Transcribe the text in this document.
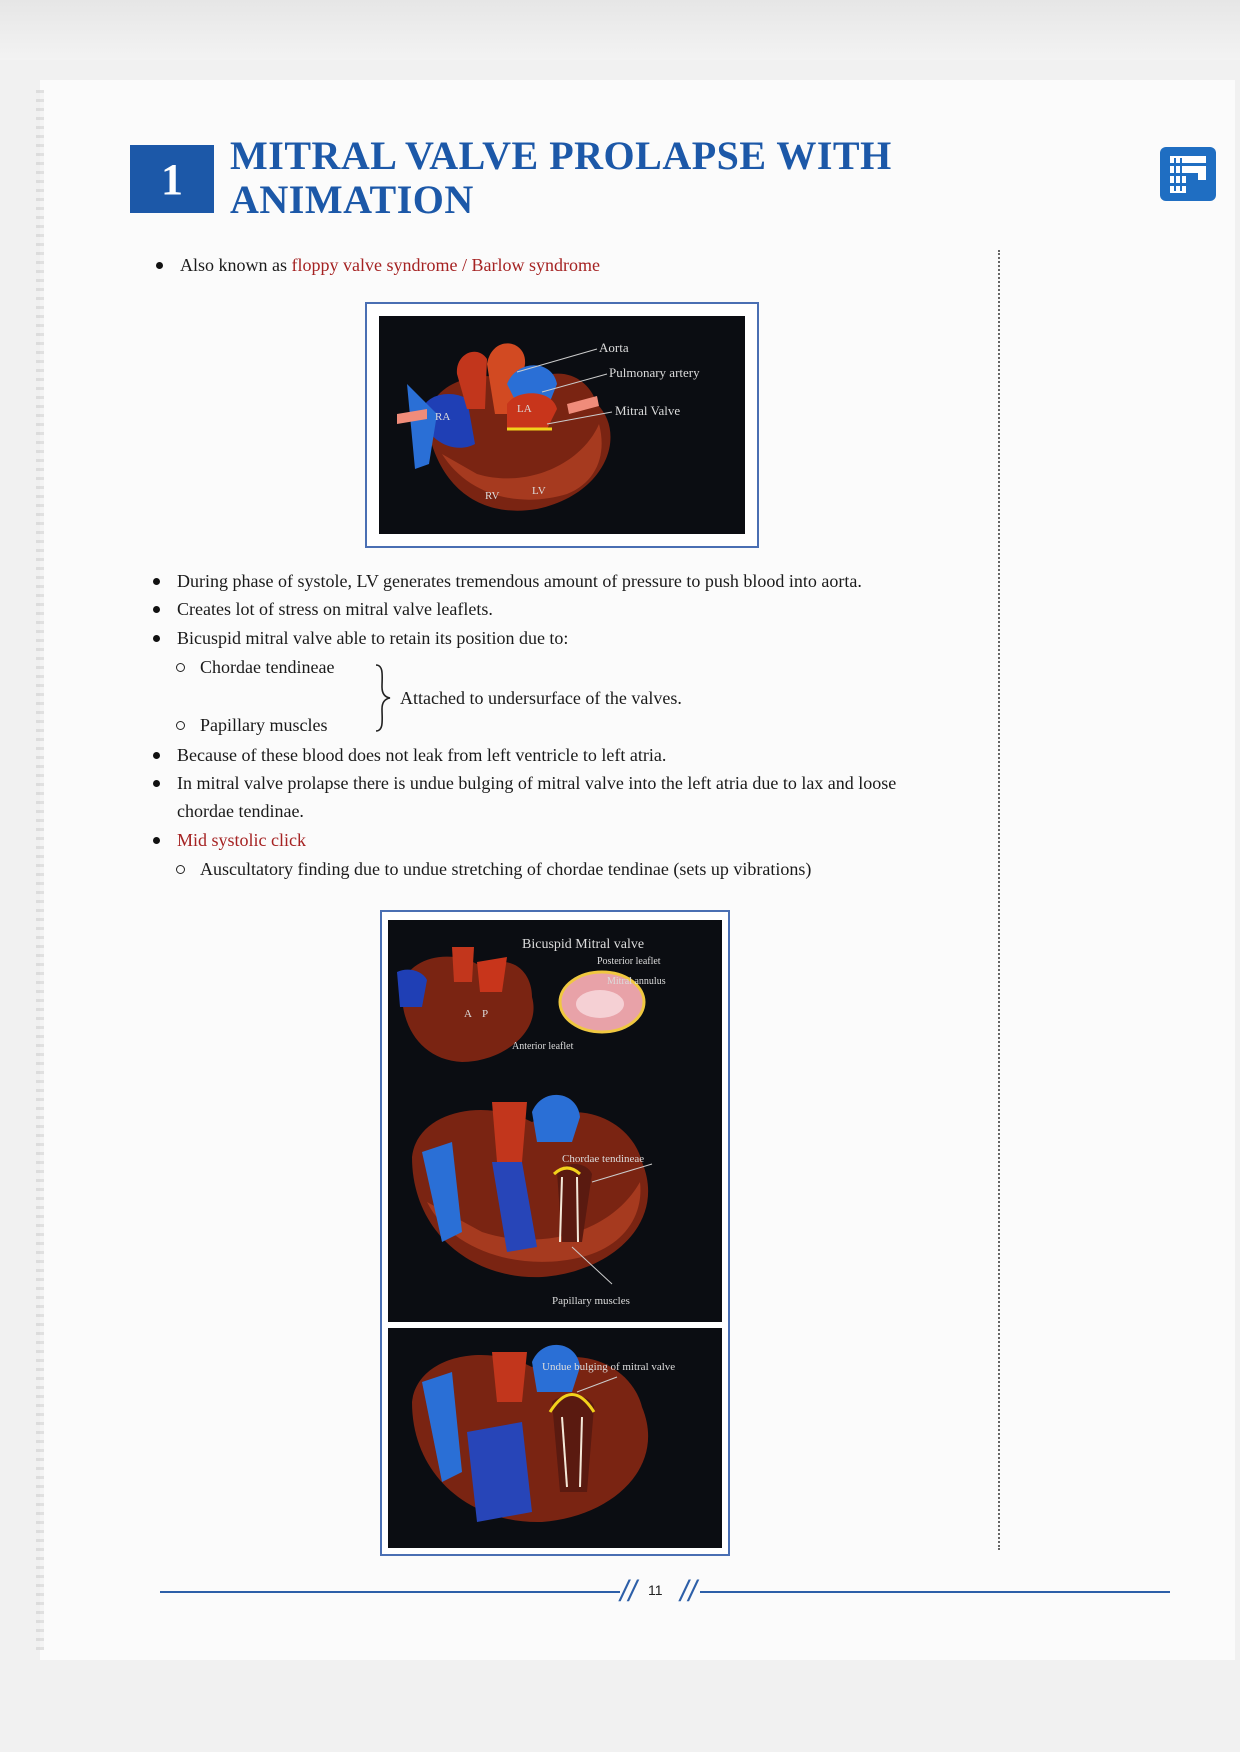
1	MITRAL VALVE PROLAPSE WITH
ANIMATION
Also known as floppy valve syndrome / Barlow syndrome
Aorta
Pulmonary artery
Mitral Valve
RA
LA
RV	LV
During phase of systole, LV generates tremendous amount of pressure to push blood into aorta.
Creates lot of stress on mitral valve leaflets.
Bicuspid mitral valve able to retain its position due to:
Chordae tendineae
Attached to undersurface of the valves.
Papillary muscles
Because of these blood does not leak from left ventricle to left atria.
In mitral valve prolapse there is undue bulging of mitral valve into the left atria due to lax and loose
chordae tendinae.
Mid systolic click
Auscultatory finding due to undue stretching of chordae tendinae (sets up vibrations)
A P
Bicuspid Mitral valve
Posterior leaflet
Mitral annulus
Anterior leaflet
Chordae tendineae
Papillary muscles
Undue bulging of mitral valve
// //
11
